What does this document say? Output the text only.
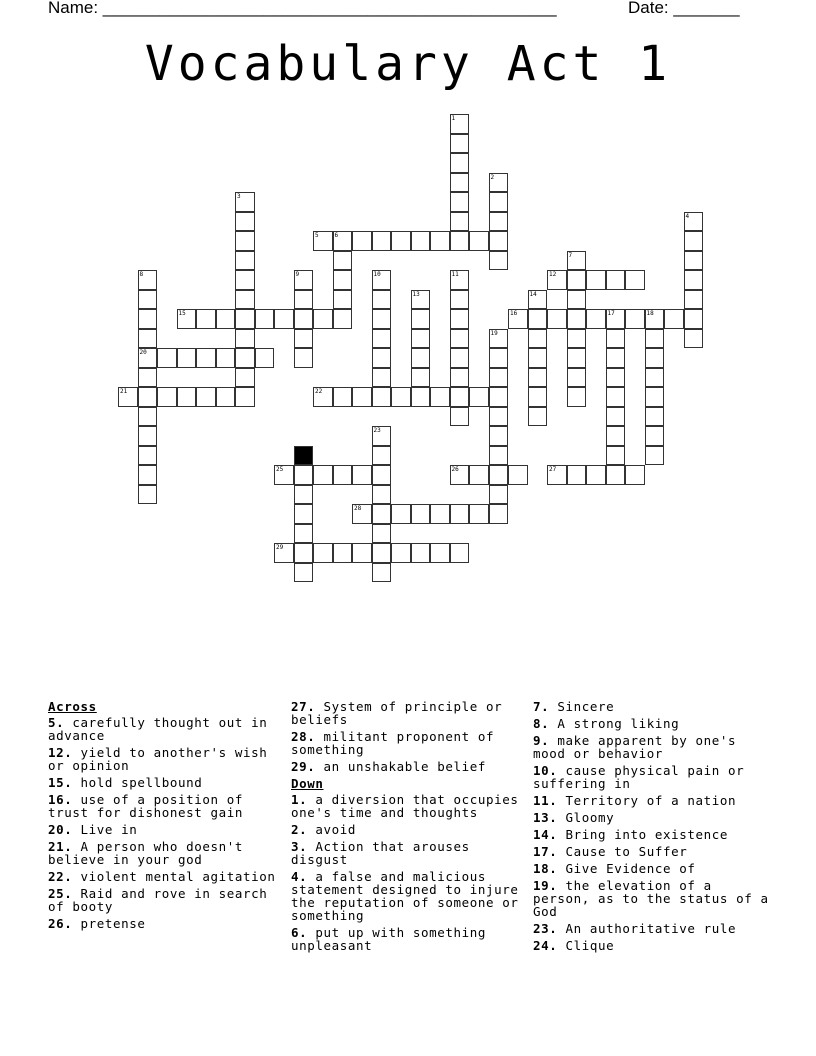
Name: ________________________________________________	Date: _______
Vocabulary Act 1
1
2
3
4
5	6
7
8
20
9	10	11	12
13	14
15	16	17	18
19
21	22
23
24
25	26	27
28
29
Across
5. carefully thought out in advance
12. yield to another's wish or opinion
15. hold spellbound
16. use of a position of trust for dishonest gain
20. Live in
21. A person who doesn't believe in your god
22. violent mental agitation
25. Raid and rove in search of booty
26. pretense
27. System of principle or beliefs
28. militant proponent of something
29. an unshakable belief
Down
1. a diversion that occupies one's time and thoughts
2. avoid
3. Action that arouses disgust
4. a false and malicious statement designed to injure the reputation of someone or something
6. put up with something unpleasant
7. Sincere
8. A strong liking
9. make apparent by one's mood or behavior
10. cause physical pain or suffering in
11. Territory of a nation
13. Gloomy
14. Bring into existence
17. Cause to Suffer
18. Give Evidence of
19. the elevation of a person, as to the status of a God
23. An authoritative rule
24. Clique
